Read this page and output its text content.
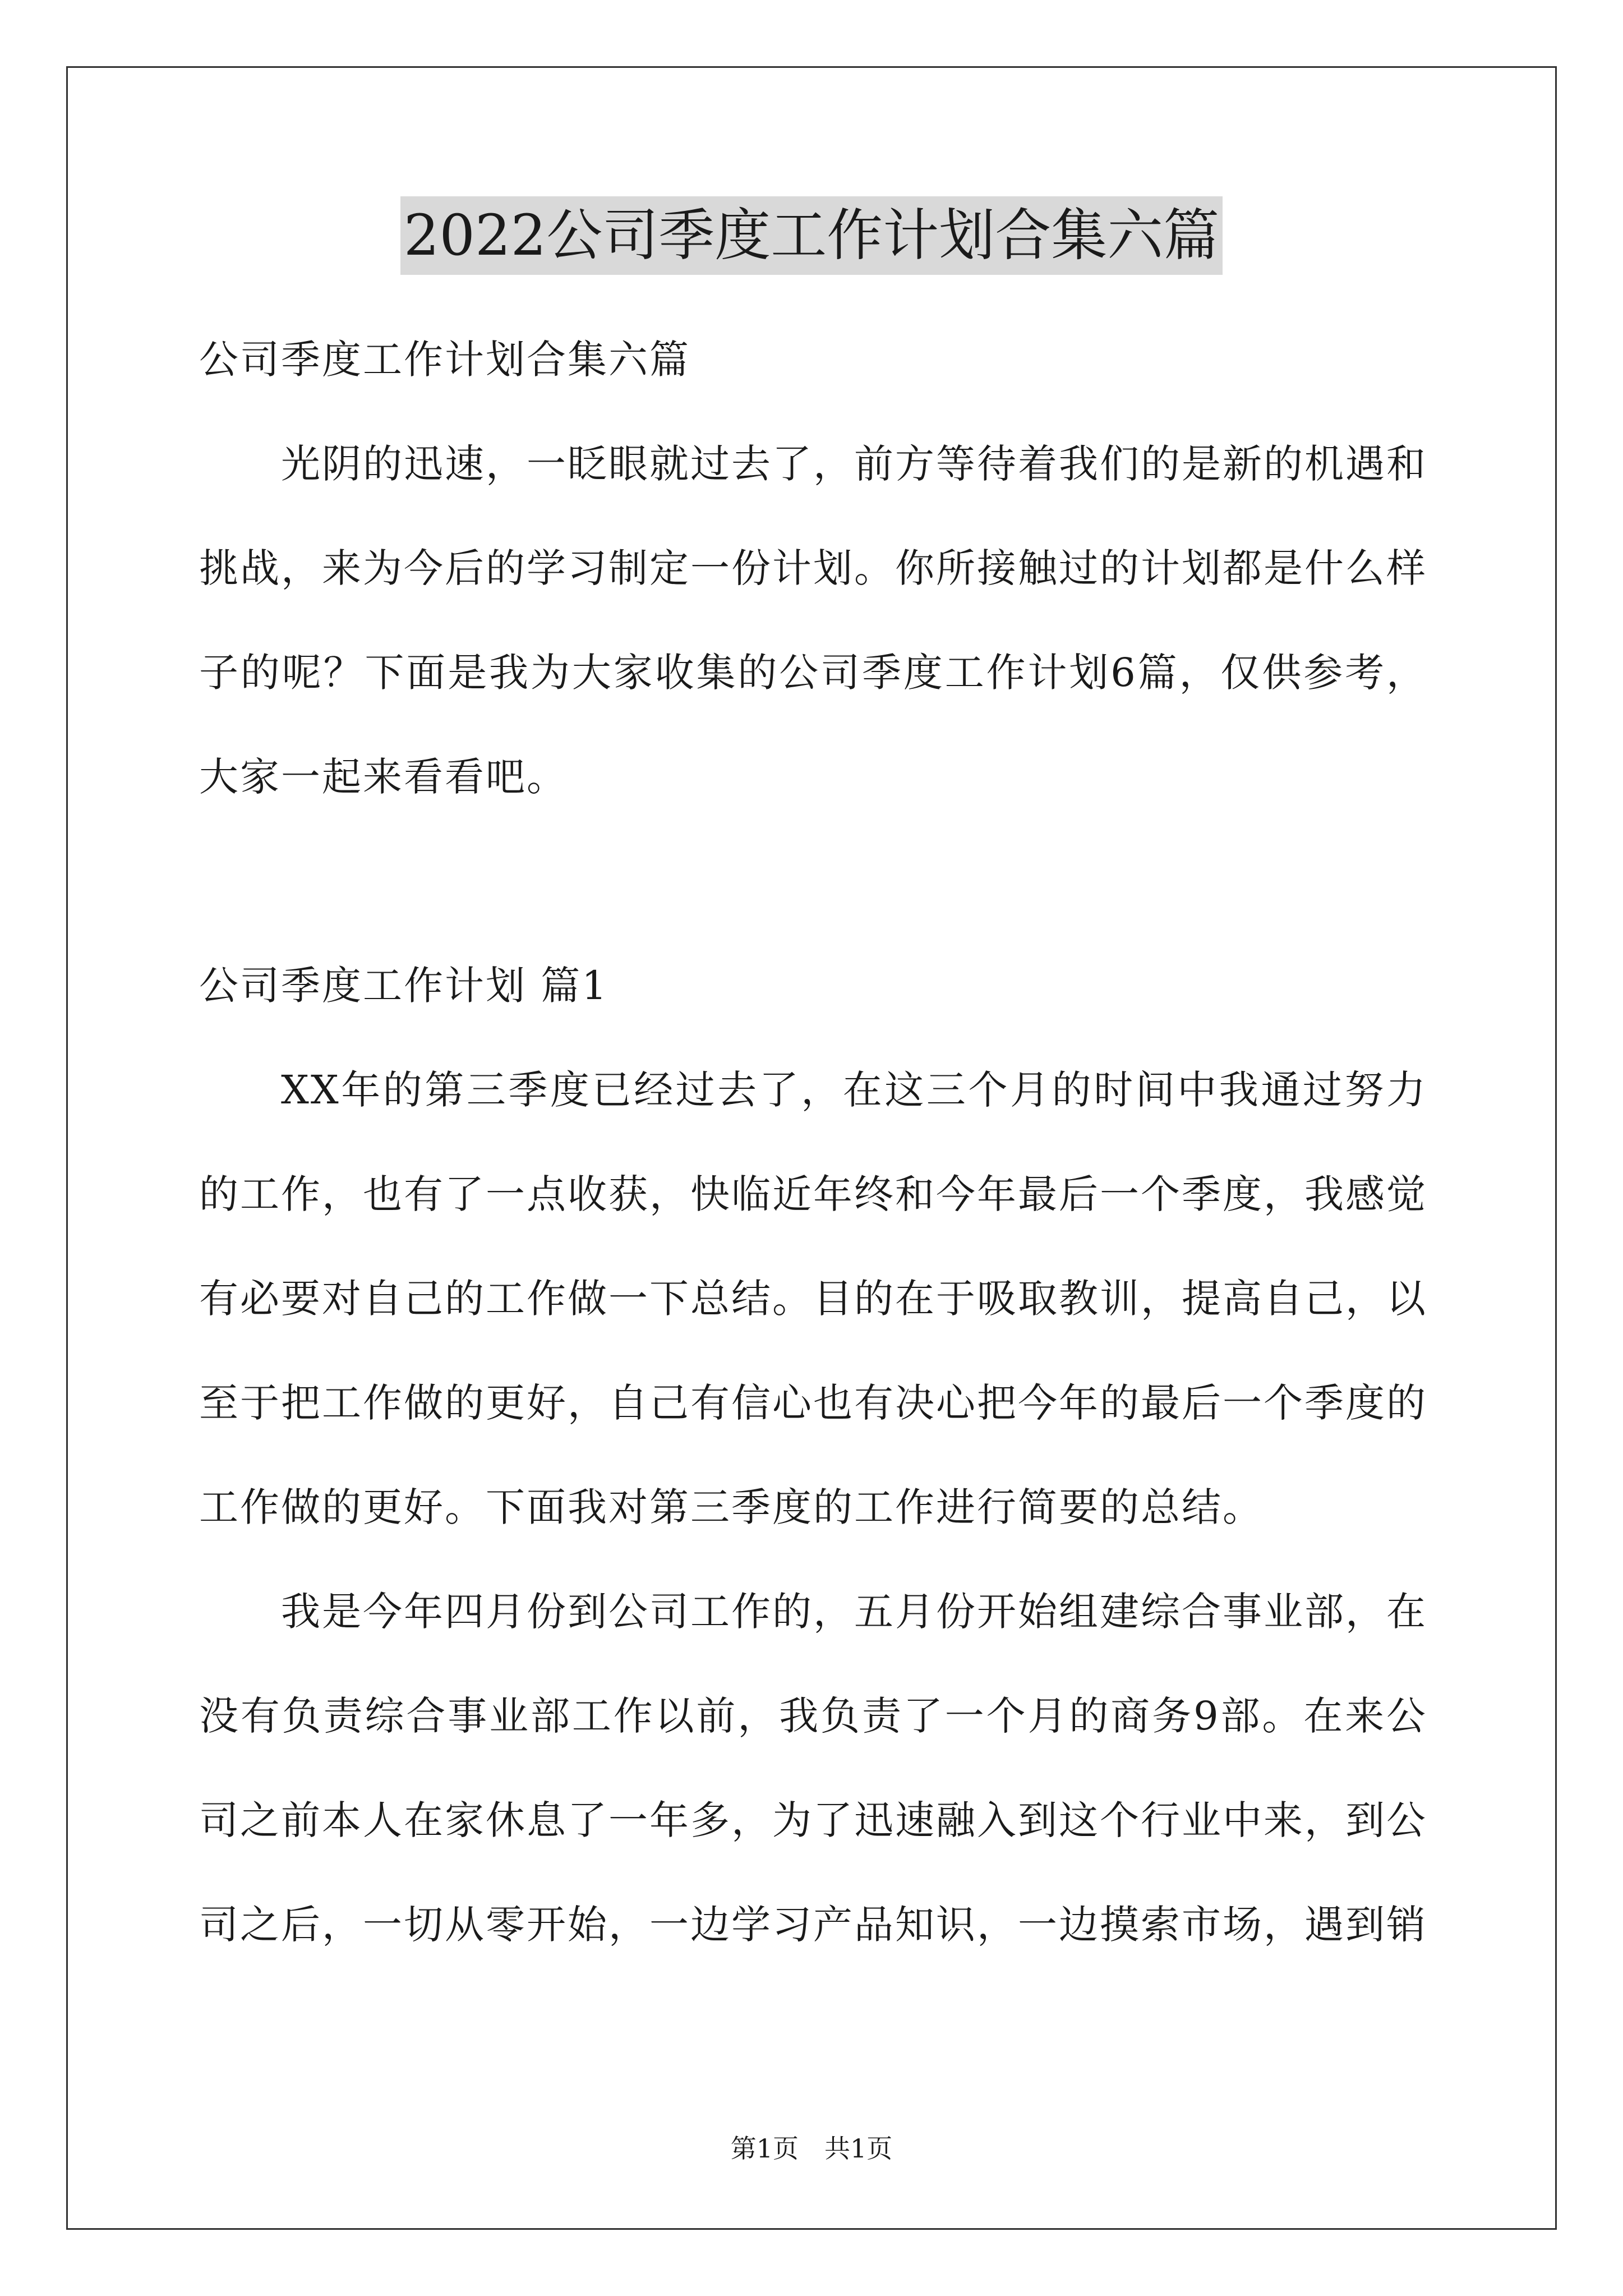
2022公司季度工作计划合集六篇

公司季度工作计划合集六篇

光阴的迅速，一眨眼就过去了，前方等待着我们的是新的机遇和挑战，来为今后的学习制定一份计划。你所接触过的计划都是什么样子的呢？下面是我为大家收集的公司季度工作计划6篇，仅供参考，大家一起来看看吧。

公司季度工作计划 篇1

XX年的第三季度已经过去了，在这三个月的时间中我通过努力的工作，也有了一点收获，快临近年终和今年最后一个季度，我感觉有必要对自己的工作做一下总结。目的在于吸取教训，提高自己，以至于把工作做的更好，自己有信心也有决心把今年的最后一个季度的工作做的更好。下面我对第三季度的工作进行简要的总结。

我是今年四月份到公司工作的，五月份开始组建综合事业部，在没有负责综合事业部工作以前，我负责了一个月的商务9部。在来公司之前本人在家休息了一年多，为了迅速融入到这个行业中来，到公司之后，一切从零开始，一边学习产品知识，一边摸索市场，遇到销

第1页　共1页
